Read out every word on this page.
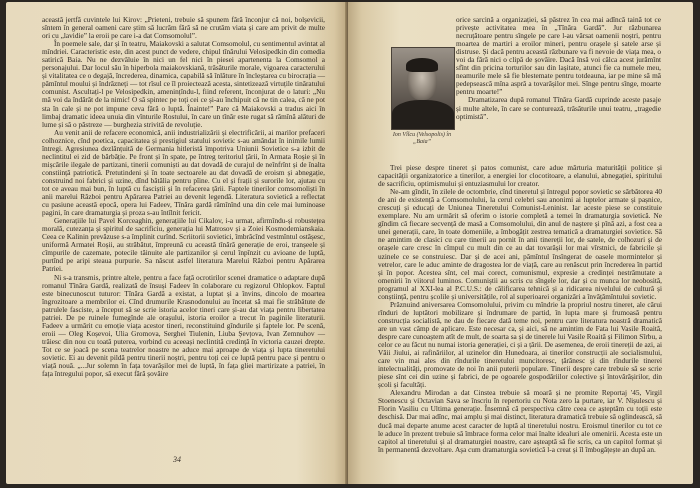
această jertfă cuvintele lui Kirov: „Prieteni, trebuie să spunem fără înconjur că noi, bolșevicii, sîntem în general oameni care știm să lucrăm fără să ne crutăm viata și care am privit de multe ori cu „lavidie” la eroii pe care i-a dat Comsomolul”.

În poemele sale, dar și în teatru, Maiakovski a salutat Comsomolul, cu sentimentul avintat al mîndriei. Caracteristic este, din acest punct de vedere, chipul tînărului Velosipedkin din comedia satirică Baia. Nu ne dezvăluie în nici un fel nici în piesei apartenenta la Comsomol a personajului. Dar locul său în hiperbola maiakovskiană, trăsăturile morale, vigoarea caracterului și vitalitatea ce o degajă, încrederea, dinamica, capabilă să înlăture în încleștarea cu birocrația — pămîntul moului și îndrăzneți — tot rîsul ce îl proiectează acesta, sintetizează virtuțile tinăratului comunist. Ascultați-l pe Velosipedkin, amenințîndu-l, fiind referent, înconjurat de o laturi: „Nu mă voi da îndărăt de la nimic! O să spintec pe toți cei ce și-au închipuit că ne tin calea, că ne pot sta în cale și ne pot impune ceva fără o luptă. Înainte!” Pare că Maiakovski a tradus aici în limbaj dramatic ideea unuia din vînturile Rostului, în care un tînăr este rugat să rămînă alături de lume și să o păstreze — burghezia strivită de revoluție.

Au venit anii de refacere economică, anii industrializării și electrificării, ai marilor prefaceri colhoznice, cînd poetica, capacitatea și prestigiul statului sovietic s-au amândat în inimile lumii întregi. Agresiunea dezlănțuită de Germania hitleristă împotriva Uniunii Sovietice s-a izbit de neclintitul ei zid de bărbăție. Pe front și în spate, pe întreg teritoriul țării, în Armata Roșie și în mișcările ilegale de partizani, tinerii comuniști au dat dovadă de curajul de neînfrînt și de înalta constiință patriotică. Pretutindeni și în toate sectoarele au dat dovadă de eroism și abnegație, construind noi fabrici și uzine, dînd bătălia pentru pîine. Cu el și frații și surorile lor, ajutau cu tot ce aveau mai bun, în luptă cu fasciștii și în refacerea țării. Faptele tinerilor comsomoliști în anii marelui Război pentru Apărarea Patriei au devenit legendă. Literatura sovietică a reflectat cu pasiune această epocă, opera lui Fadeev, Tînăra gardă rămînînd una din cele mai luminoase pagini, în care dramaturgia și proza s-au întîlnit fericit.

Generațiile lui Pavel Korceaghin, generațiile lui Cikalov, i-a urmat, afirmîndu-și robustețea morală, cutezanța și spiritul de sacrificiu, generația lui Matrosov și a Zoiei Kosmodemianskaia. Ceea ce Kalinin prevăzuse s-a împlinit curînd. Scriitorii sovietici, îmbrăcînd vestmîntul ostășesc, uniformă Armatei Roșii, au străbătut, împreună cu această tînără generație de eroi, tranșeele și cîmpurile de cazemate, potecile tăinuite ale partizanilor și cerul înpînzit cu avioane de luptă, purtînd pe aripi steaua purpurie. Sa născut astfel literatura Marelui Război pentru Apărarea Patriei.

Ni s-a transmis, printre altele, pentru a face față ocrotirilor scenei dramatice o adaptare după romanul Tînăra Gardă, realizată de însuși Fadeev în colaborare cu regizorul Ohlopkov. Faptul este binecunoscut tuturor: Tînăra Gardă a existat, a luptat și a învins, dincolo de moartea îngrozitoare a membrilor ei. Cînd drumurile Krasnodonului au încetat să mai fie străbătute de patrulele fasciste, a început să se scrie istoria acelor tineri care și-au dat viața pentru libertatea patriei. De pe ruinele fumegînde ale orașului, istoria eroilor a trecut în paginile literaturii. Fadeev a urmărit cu emoție viața acestor tineri, reconstituind gîndurile și faptele lor. Pe scenă, eroii — Oleg Koșevoi, Ulia Gromova, Serghei Tiulenin, Liuba Șevțova, Ivan Zemnuhov — trăiesc din nou cu toată puterea, vorbind cu aceeași neclintită credință în victoria cauzei drepte. Tot ce se joacă pe scena teatrelor noastre ne aduce mai aproape de viața și lupta tineretului sovietic. Ei au devenit pildă pentru tinerii noștri, pentru toți cei ce luptă pentru pace și pentru o viață nouă. „...Jur solemn în fața tovarășilor mei de luptă, în fața gliei martirizate a patriei, în fața întregului popor, să execut fără șovăire

34
Ion Vîlcu (Velsopolis) în „Baia”

orice sarcină a organizației, să păstrez în cea mai adîncă taină tot ce privește activitatea mea în „Tînăra Gardă”. Jur răzbunarea necruțătoare pentru sîngele pe care l-au vărsat oamenii noștri, pentru moartea de martiri a eroilor mineri, pentru orașele și satele arse și distruse. Și dacă pentru această răzbunare va fi nevoie de viața mea, o voi da fără nici o clipă de șovăire. Dacă însă voi călca acest jurămînt sfînt din pricina torturilor sau din lașitate, atunci fie ca numele meu, neamurile mele să fie blestemate pentru totdeauna, iar pe mine să mă pedepsească mîna aspră a tovarășilor mei. Sînge pentru sînge, moarte pentru moarte!”

Dramatizarea după romanul Tînăra Gardă cuprinde aceste pasaje și multe altele, în care se conturează, trăsăturile unui teatru, „tragedie optimistă”.

Trei piese despre tineret și patos comunist, care adue mărturia maturității politice și capacității organizatorice a tinerilor, a energiei lor clocotitoare, a elanului, abnegației, spiritului de sacrificiu, optimismului și entuziasmului lor creator.

Ne-am gîndit, în zilele de octombrie, cînd tineretul și întregul popor sovietic se sărbătorea 40 de ani de existență a Comsomolului, la cerul celebri sau anonimi ai luptelor armate și pașnice, crescuți și educați de Uniunea Tineretului Comunist-Leninist. Iar aceste piese se constituie exemplare. Nu am urmărit să oferim o istorie completă a temei în dramaturgia sovietică. Ne gîndim că fiecare secvență de masă a Comsomolului, din anul de naștere și pînă azi, a fost cea a unei generații, care, în toate domeniile, a îmbogățit zestrea tematică a dramaturgiei sovietice. Să ne amintim de clasici cu care tinerii au pornit în anii tinereții lor, de satele, de colhozuri și de orașele care cresc în cîmpul cu mult din ce au dat tovarășii lor mai vîrstnici, de fabricile și uzinele ce se construiesc. Dar și de acei ani, pămîntul însîngerat de oasele mormintelor și vetrelor, care le aduc aminte de dragostea lor de viață, care au renăscut prin încrederea în partid și în popor. Acestea sînt, cel mai corect, comunismul, expresie a credinței nestrămutate a omenirii în viitorul luminos. Comuniștii au scris cu sîngele lor, dar și cu munca lor neobosită, programul al XXI-lea al P.C.U.S.: de călificarea tehnică și a ridicarea nivelului de cultură și conștiință, pentru școlile și universitățile, rol al superioarei organizări a învățămîntului sovietic.

Prăznuind aniversarea Comsomolului, privim cu mîndrie la propriul nostru tineret, ale cărui rînduri de luptători mobilizare și îndrumare de partid, în lupta mare și frumoasă pentru construcția socialistă, ne dau de fiecare dată teme noi, pentru care literatura noastră dramatică are un vast câmp de aplicare. Este necesar ca, și aici, să ne amintim de Fata lui Vasile Roaită, despre care cunoaștem atît de mult, de soarta sa și de tinerele lui Vasile Roaită și Filimon Sîrbu, a celor ce au făcut nu numai istoria generației, ci și a țării. De asemenea, de eroii tinereții de azi, ai Văii Jiului, ai rafinăriilor, al uzinelor din Hunedoara, ai tinerilor construcții ale socialismului, care vin mai ales din rîndurile tineretului muncitoresc, țărănesc și din rîndurile tinerei intelectualități, promovate de noi în anii puterii populare. Tinerii despre care trebuie să se scrie piese sînt cei din uzine și fabrici, de pe ogoarele gospodăriilor colective și întovărășirilor, din școli și facultăți.

Alexandru Mirodan a dat Cinstea trebuie să moară și ne promite Reportaj '45, Virgil Stoenescu și Octavian Sava se înscriu în repertoriu cu Nota zero la purtare, iar V. Nișulescu și Florin Vasiliu cu Ultima generație. Însemnă că perspectiva către ceea ce așteptăm cu toții este deschisă. Dar mai adînc, mai amplu și mai distinct, literatura dramatică trebuie să oglindească, să ducă mai departe anume acest caracter de luptă al tineretului nostru. Eroismul tinerilor cu tot ce le aduce în prezent trebuie să îmbrace forma celor mai înalte idealuri ale omenirii. Acesta este un capitol al tineretului și al dramaturgiei noastre, care așteaptă să fie scris, ca un capitol format și în permanentă dezvoltare. Aşa cum dramaturgia sovietică l-a creat și îl îmbogățește an după an.
